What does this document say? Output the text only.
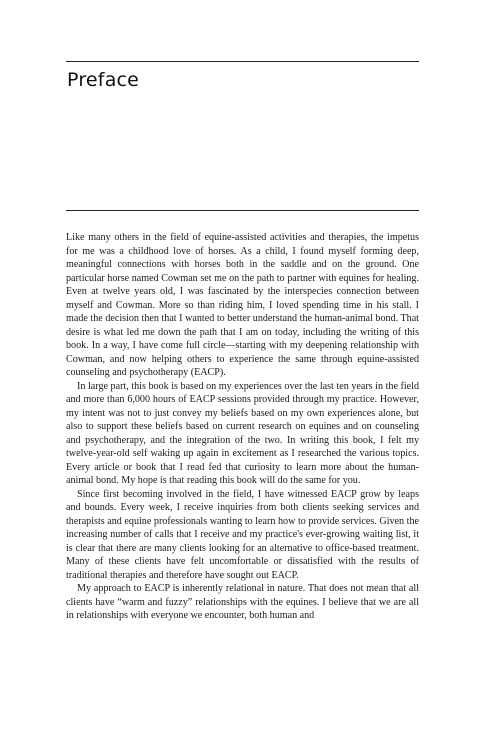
Preface

Like many others in the field of equine-assisted activities and therapies, the impetus for me was a childhood love of horses. As a child, I found myself forming deep, meaningful connections with horses both in the saddle and on the ground. One particular horse named Cowman set me on the path to partner with equines for healing. Even at twelve years old, I was fascinated by the interspecies connection between myself and Cowman. More so than riding him, I loved spending time in his stall. I made the decision then that I wanted to better understand the human-animal bond. That desire is what led me down the path that I am on today, including the writing of this book. In a way, I have come full circle—starting with my deepening relationship with Cowman, and now helping others to experience the same through equine-assisted counseling and psychotherapy (EACP).

In large part, this book is based on my experiences over the last ten years in the field and more than 6,000 hours of EACP sessions provided through my practice. However, my intent was not to just convey my beliefs based on my own experiences alone, but also to support these beliefs based on current research on equines and on counseling and psychotherapy, and the integration of the two. In writing this book, I felt my twelve-year-old self waking up again in excitement as I researched the various topics. Every article or book that I read fed that curiosity to learn more about the human-animal bond. My hope is that reading this book will do the same for you.

Since first becoming involved in the field, I have witnessed EACP grow by leaps and bounds. Every week, I receive inquiries from both clients seeking services and therapists and equine professionals wanting to learn how to provide services. Given the increasing number of calls that I receive and my practice's ever-growing waiting list, it is clear that there are many clients looking for an alternative to office-based treatment. Many of these clients have felt uncomfortable or dissatisfied with the results of traditional therapies and therefore have sought out EACP.

My approach to EACP is inherently relational in nature. That does not mean that all clients have “warm and fuzzy” relationships with the equines. I believe that we are all in relationships with everyone we encounter, both human and
